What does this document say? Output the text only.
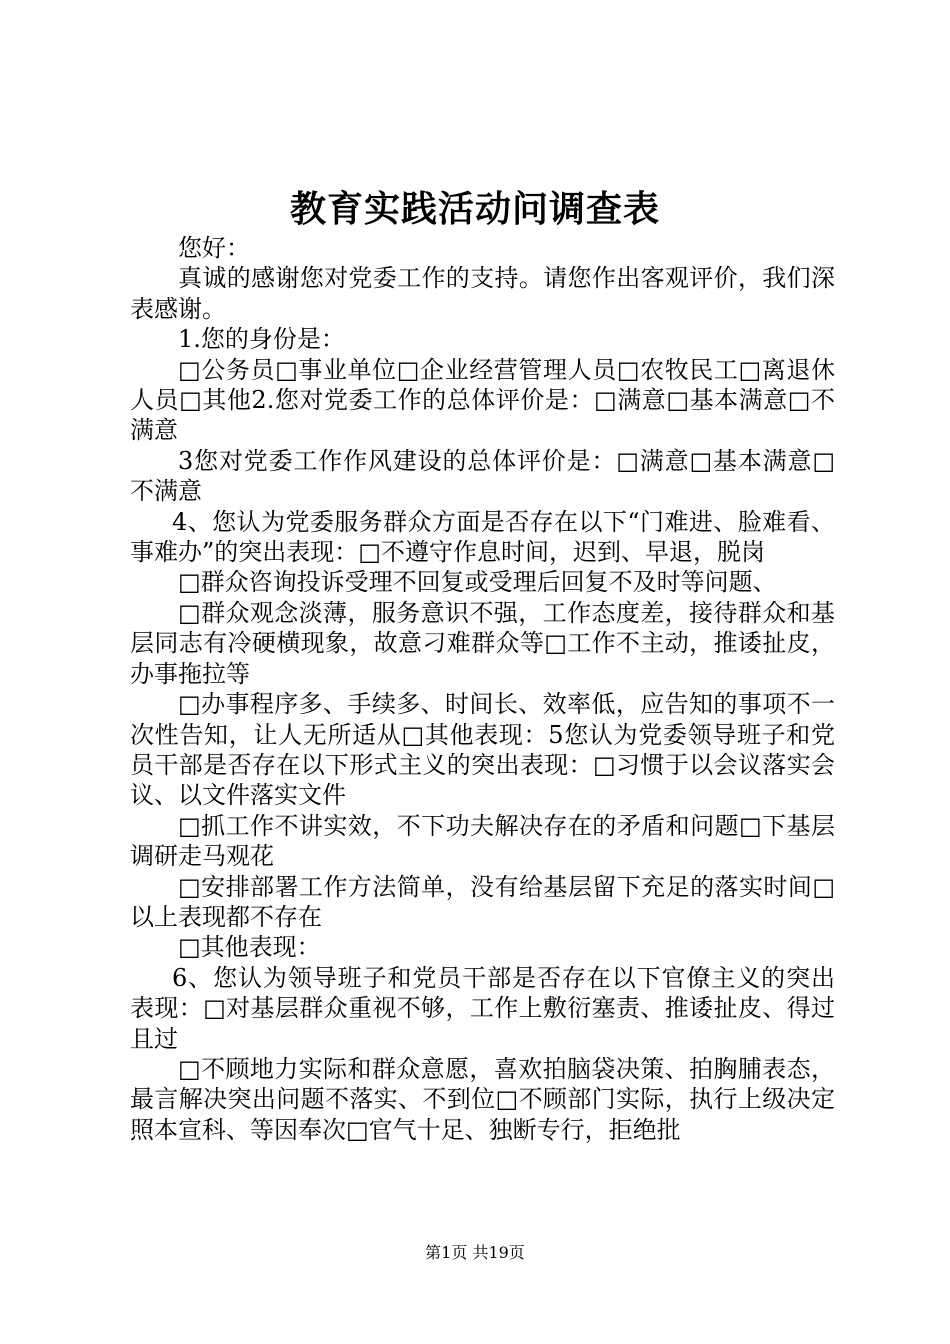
教育实践活动问调查表

您好：

真诚的感谢您对党委工作的支持。请您作出客观评价，我们深表感谢。

1.您的身份是：

□公务员□事业单位□企业经营管理人员□农牧民工□离退休人员□其他2.您对党委工作的总体评价是：□满意□基本满意□不满意

3您对党委工作作风建设的总体评价是：□满意□基本满意□不满意

4、您认为党委服务群众方面是否存在以下“门难进、脸难看、事难办”的突出表现：□不遵守作息时间，迟到、早退，脱岗

□群众咨询投诉受理不回复或受理后回复不及时等问题、

□群众观念淡薄，服务意识不强，工作态度差，接待群众和基层同志有冷硬横现象，故意刁难群众等□工作不主动，推诿扯皮，办事拖拉等

□办事程序多、手续多、时间长、效率低，应告知的事项不一次性告知，让人无所适从□其他表现：5您认为党委领导班子和党员干部是否存在以下形式主义的突出表现：□习惯于以会议落实会议、以文件落实文件

□抓工作不讲实效，不下功夫解决存在的矛盾和问题□下基层调研走马观花

□安排部署工作方法简单，没有给基层留下充足的落实时间□以上表现都不存在

□其他表现：

6、您认为领导班子和党员干部是否存在以下官僚主义的突出表现：□对基层群众重视不够，工作上敷衍塞责、推诿扯皮、得过且过

□不顾地力实际和群众意愿，喜欢拍脑袋决策、拍胸脯表态，最言解决突出问题不落实、不到位□不顾部门实际，执行上级决定照本宣科、等因奉次□官气十足、独断专行，拒绝批

第1页 共19页
